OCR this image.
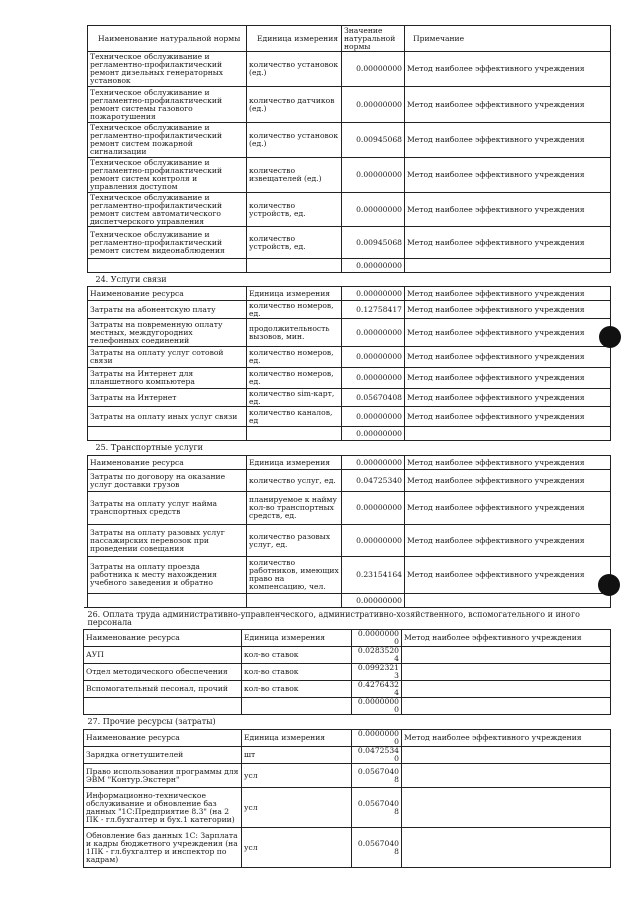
Наименование натуральной нормы	Единица измерения	Значение натуральной нормы	Примечание
Техническое обслуживание и регламентно-профилактический ремонт дизельных генераторных установок	количество установок (ед.)	0.00000000	Метод наиболее эффективного учреждения
Техническое обслуживание и регламентно-профилактический ремонт системы газового пожаротушения	количество датчиков (ед.)	0.00000000	Метод наиболее эффективного учреждения
Техническое обслуживание и регламентно-профилактический ремонт систем пожарной сигнализации	количество установок (ед.)	0.00945068	Метод наиболее эффективного учреждения
Техническое обслуживание и регламентно-профилактический ремонт систем контроля и управления доступом	количество извещателей (ед.)	0.00000000	Метод наиболее эффективного учреждения
Техническое обслуживание и регламентно-профилактический ремонт систем автоматического диспетчерского управления	количество устройств, ед.	0.00000000	Метод наиболее эффективного учреждения
Техническое обслуживание и регламентно-профилактический ремонт систем видеонаблюдения	количество устройств, ед.	0.00945068	Метод наиболее эффективного учреждения
		0.00000000	
24. Услуги связи			
Наименование ресурса	Единица измерения	0.00000000	Метод наиболее эффективного учреждения
Затраты на абонентскую плату	количество номеров, ед.	0.12758417	Метод наиболее эффективного учреждения
Затраты на повременную оплату местных, междугородних телефонных соединений	продолжительность вызовов, мин.	0.00000000	Метод наиболее эффективного учреждения
Затраты на оплату услуг сотовой связи	количество номеров, ед.	0.00000000	Метод наиболее эффективного учреждения
Затраты на Интернет для планшетного компьютера	количество номеров, ед.	0.00000000	Метод наиболее эффективного учреждения
Затраты на Интернет	количество sim-карт, ед.	0.05670408	Метод наиболее эффективного учреждения
Затраты на оплату иных услуг связи	количество каналов, ед	0.00000000	Метод наиболее эффективного учреждения
		0.00000000	
25. Транспортные услуги			
Наименование ресурса	Единица измерения	0.00000000	Метод наиболее эффективного учреждения
Затраты по договору на оказание услуг доставки грузов	количество услуг, ед.	0.04725340	Метод наиболее эффективного учреждения
Затраты на оплату услуг найма транспортных средств	планируемое к найму кол-во транспортных средств, ед.	0.00000000	Метод наиболее эффективного учреждения
Затраты на оплату разовых услуг пассажирских перевозок при проведении совещания	количество разовых услуг, ед.	0.00000000	Метод наиболее эффективного учреждения
Затраты на оплату проезда работника к месту нахождения учебного заведения и обратно	количество работников, имеющих право на компенсацию, чел.	0.23154164	Метод наиболее эффективного учреждения
		0.00000000	
26. Оплата труда административно-управленческого, административно-хозяйственного, вспомогательного и иного персонала			
Наименование ресурса	Единица измерения	0.00000000	Метод наиболее эффективного учреждения
АУП	кол-во ставок	0.02835204	
Отдел методического обеспечения	кол-во ставок	0.09923213	
Вспомогательный песонал, прочий	кол-во ставок	0.42764324	
		0.00000000	
27. Прочие ресурсы (затраты)			
Наименование ресурса	Единица измерения	0.00000000	Метод наиболее эффективного учреждения
Зарядка огнетушителей	шт	0.04725340	
Право использования программы для ЭВМ "Контур.Экстерн"	усл	0.05670408	
Информационно-техническое обслуживание и обновление баз данных "1С:Предприятие 8.3" (на 2 ПК - гл.бухгалтер и бух.1 категории)	усл	0.05670408	
Обновление баз данных 1С: Зарплата и кадры бюджетного учреждения (на 1ПК - гл.бухгалтер и инспектор по кадрам)	усл	0.05670408	
